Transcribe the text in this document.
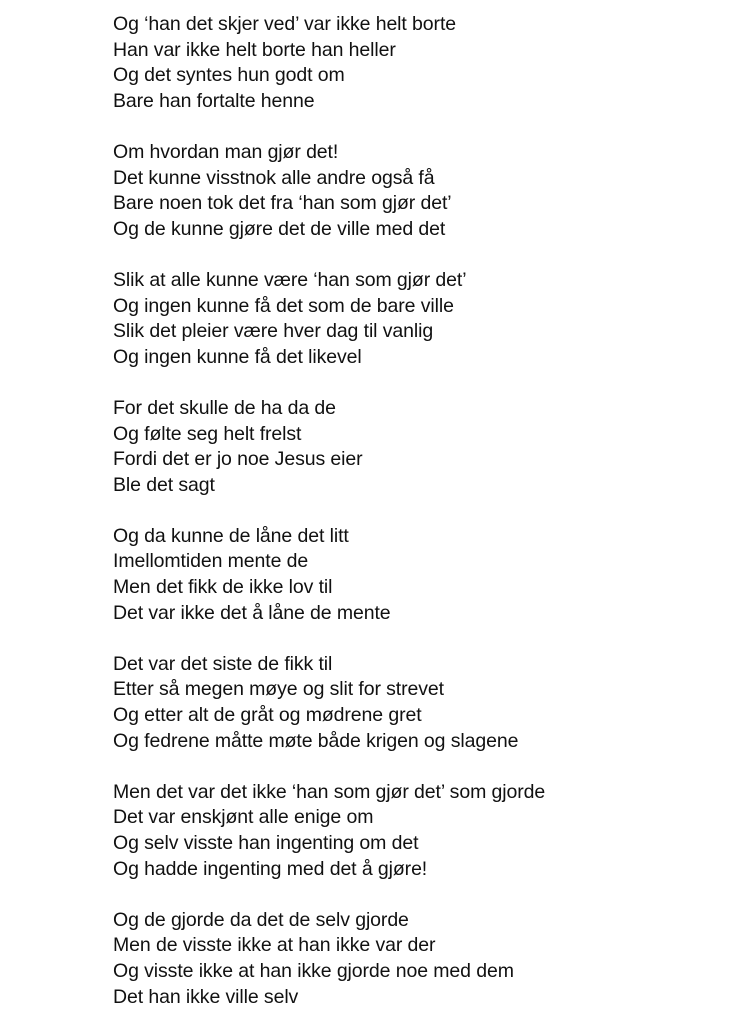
Og ‘han det skjer ved’ var ikke helt borte
Han var ikke helt borte han heller
Og det syntes hun godt om
Bare han fortalte henne
Om hvordan man gjør det!
Det kunne visstnok alle andre også få
Bare noen tok det fra ‘han som gjør det’
Og de kunne gjøre det de ville med det
Slik at alle kunne være ‘han som gjør det’
Og ingen kunne få det som de bare ville
Slik det pleier være hver dag til vanlig
Og ingen kunne få det likevel
For det skulle de ha da de
Og følte seg helt frelst
Fordi det er jo noe Jesus eier
Ble det sagt
Og da kunne de låne det litt
Imellomtiden mente de
Men det fikk de ikke lov til
Det var ikke det å låne de mente
Det var det siste de fikk til
Etter så megen møye og slit for strevet
Og etter alt de gråt og mødrene gret
Og fedrene måtte møte både krigen og slagene
Men det var det ikke ‘han som gjør det’ som gjorde
Det var enskjønt alle enige om
Og selv visste han ingenting om det
Og hadde ingenting med det å gjøre!
Og de gjorde da det de selv gjorde
Men de visste ikke at han ikke var der
Og visste ikke at han ikke gjorde noe med dem
Det han ikke ville selv
